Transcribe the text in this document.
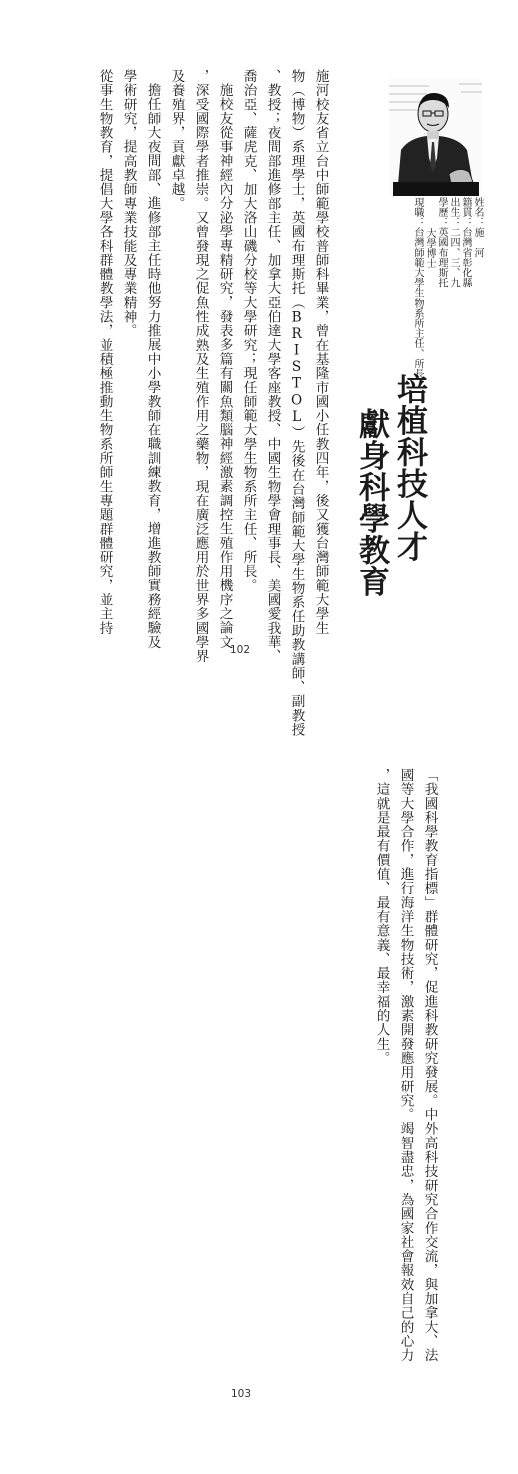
姓名：施　河
籍貫：台灣省彰化縣
出生：二四、三、九
學歷：英國布理斯托
大學博士
現職：台灣師範大學生物系所主任、所長
培植科技人才
獻身科學教育
施河校友省立台中師範學校普師科畢業，曾在基隆市國小任教四年，後又獲台灣師範大學生
物（博物）系理學士，英國布理斯托（BRISTOL）先後在台灣師範大學生物系任助教講師、副教授
、教授；夜間部進修部主任、加拿大亞伯達大學客座教授、中國生物學會理事長、美國愛我華、
喬治亞、薩虎克、加大洛山磯分校等大學研究；現任師範大學生物系所主任、所長。
施校友從事神經內分泌學專精研究，發表多篇有關魚類腦神經激素調控生殖作用機序之論文
，深受國際學者推崇。又曾發現之促魚性成熟及生殖作用之藥物，現在廣泛應用於世界多國學界
及養殖界，貢獻卓越。
擔任師大夜間部、進修部主任時他努力推展中小學教師在職訓練教育，增進教師實務經驗及
學術研究，提高教師專業技能及專業精神。
從事生物教育，提倡大學各科群體教學法，並積極推動生物系所師生專題群體研究，並主持
102
「我國科學教育指標」群體研究，促進科教研究發展。中外高科技研究合作交流，與加拿大、法
國等大學合作，進行海洋生物技術，激素開發應用研究。竭智盡忠，為國家社會報效自己的心力
，這就是最有價值、最有意義、最幸福的人生。
103
